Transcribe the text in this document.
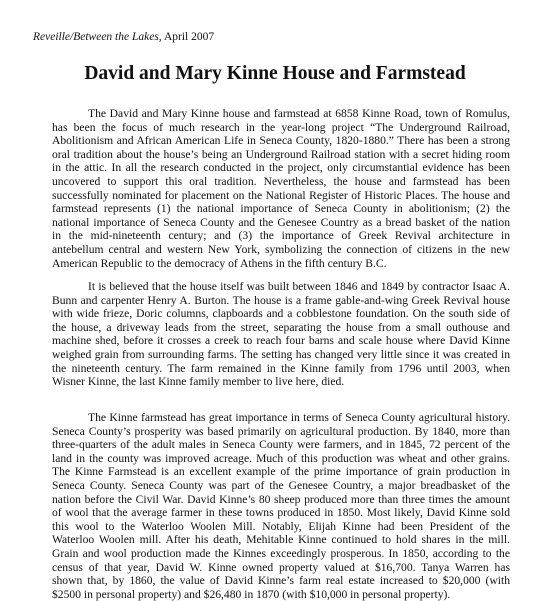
Reveille/Between the Lakes, April 2007
David and Mary Kinne House and Farmstead

The David and Mary Kinne house and farmstead at 6858 Kinne Road, town of Romulus,
has been the focus of much research in the year-long project “The Underground Railroad,
Abolitionism and African American Life in Seneca County, 1820-1880.” There has been a strong
oral tradition about the house’s being an Underground Railroad station with a secret hiding room
in the attic. In all the research conducted in the project, only circumstantial evidence has been
uncovered to support this oral tradition. Nevertheless, the house and farmstead has been
successfully nominated for placement on the National Register of Historic Places. The house and
farmstead represents (1) the national importance of Seneca County in abolitionism; (2) the
national importance of Seneca County and the Genesee Country as a bread basket of the nation
in the mid-nineteenth century; and (3) the importance of Greek Revival architecture in
antebellum central and western New York, symbolizing the connection of citizens in the new
American Republic to the democracy of Athens in the fifth century B.C.

It is believed that the house itself was built between 1846 and 1849 by contractor Isaac A.
Bunn and carpenter Henry A. Burton. The house is a frame gable-and-wing Greek Revival house
with wide frieze, Doric columns, clapboards and a cobblestone foundation. On the south side of
the house, a driveway leads from the street, separating the house from a small outhouse and
machine shed, before it crosses a creek to reach four barns and scale house where David Kinne
weighed grain from surrounding farms. The setting has changed very little since it was created in
the nineteenth century. The farm remained in the Kinne family from 1796 until 2003, when
Wisner Kinne, the last Kinne family member to live here, died.

The Kinne farmstead has great importance in terms of Seneca County agricultural history.
Seneca County’s prosperity was based primarily on agricultural production. By 1840, more than
three-quarters of the adult males in Seneca County were farmers, and in 1845, 72 percent of the
land in the county was improved acreage. Much of this production was wheat and other grains.
The Kinne Farmstead is an excellent example of the prime importance of grain production in
Seneca County. Seneca County was part of the Genesee Country, a major breadbasket of the
nation before the Civil War. David Kinne’s 80 sheep produced more than three times the amount
of wool that the average farmer in these towns produced in 1850. Most likely, David Kinne sold
this wool to the Waterloo Woolen Mill. Notably, Elijah Kinne had been President of the
Waterloo Woolen mill. After his death, Mehitable Kinne continued to hold shares in the mill.
Grain and wool production made the Kinnes exceedingly prosperous. In 1850, according to the
census of that year, David W. Kinne owned property valued at $16,700. Tanya Warren has
shown that, by 1860, the value of David Kinne’s farm real estate increased to $20,000 (with
$2500 in personal property) and $26,480 in 1870 (with $10,000 in personal property).
